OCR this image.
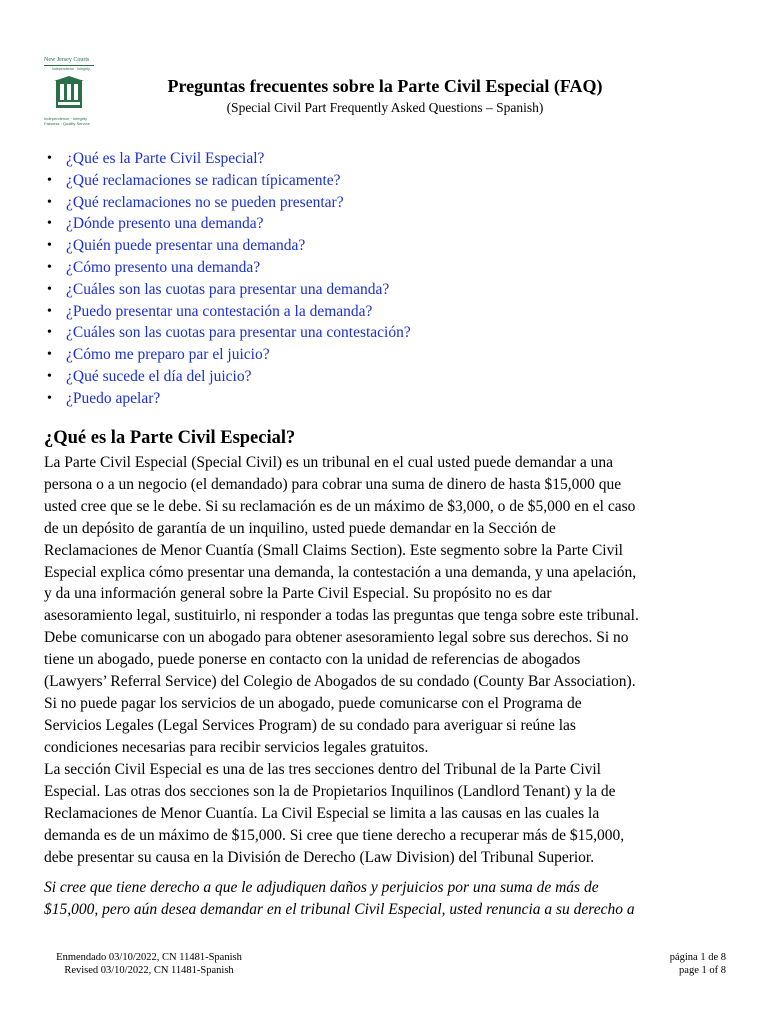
New Jersey Courts
Independence · Integrity
Independence · Integrity
Fairness · Quality Service
Preguntas frecuentes sobre la Parte Civil Especial (FAQ)
(Special Civil Part Frequently Asked Questions – Spanish)
• ¿Qué es la Parte Civil Especial?
• ¿Qué reclamaciones se radican típicamente?
• ¿Qué reclamaciones no se pueden presentar?
• ¿Dónde presento una demanda?
• ¿Quién puede presentar una demanda?
• ¿Cómo presento una demanda?
• ¿Cuáles son las cuotas para presentar una demanda?
• ¿Puedo presentar una contestación a la demanda?
• ¿Cuáles son las cuotas para presentar una contestación?
• ¿Cómo me preparo par el juicio?
• ¿Qué sucede el día del juicio?
• ¿Puedo apelar?
¿Qué es la Parte Civil Especial?

La Parte Civil Especial (Special Civil) es un tribunal en el cual usted puede demandar a una
persona o a un negocio (el demandado) para cobrar una suma de dinero de hasta $15,000 que
usted cree que se le debe. Si su reclamación es de un máximo de $3,000, o de $5,000 en el caso
de un depósito de garantía de un inquilino, usted puede demandar en la Sección de
Reclamaciones de Menor Cuantía (Small Claims Section). Este segmento sobre la Parte Civil
Especial explica cómo presentar una demanda, la contestación a una demanda, y una apelación,
y da una información general sobre la Parte Civil Especial. Su propósito no es dar
asesoramiento legal, sustituirlo, ni responder a todas las preguntas que tenga sobre este tribunal.
Debe comunicarse con un abogado para obtener asesoramiento legal sobre sus derechos. Si no
tiene un abogado, puede ponerse en contacto con la unidad de referencias de abogados
(Lawyers’ Referral Service) del Colegio de Abogados de su condado (County Bar Association).
Si no puede pagar los servicios de un abogado, puede comunicarse con el Programa de
Servicios Legales (Legal Services Program) de su condado para averiguar si reúne las
condiciones necesarias para recibir servicios legales gratuitos.

La sección Civil Especial es una de las tres secciones dentro del Tribunal de la Parte Civil
Especial. Las otras dos secciones son la de Propietarios Inquilinos (Landlord Tenant) y la de
Reclamaciones de Menor Cuantía. La Civil Especial se limita a las causas en las cuales la
demanda es de un máximo de $15,000. Si cree que tiene derecho a recuperar más de $15,000,
debe presentar su causa en la División de Derecho (Law Division) del Tribunal Superior.

Si cree que tiene derecho a que le adjudiquen daños y perjuicios por una suma de más de
$15,000, pero aún desea demandar en el tribunal Civil Especial, usted renuncia a su derecho a

Enmendado 03/10/2022, CN 11481-Spanish
Revised 03/10/2022, CN 11481-Spanish
página 1 de 8
page 1 of 8
